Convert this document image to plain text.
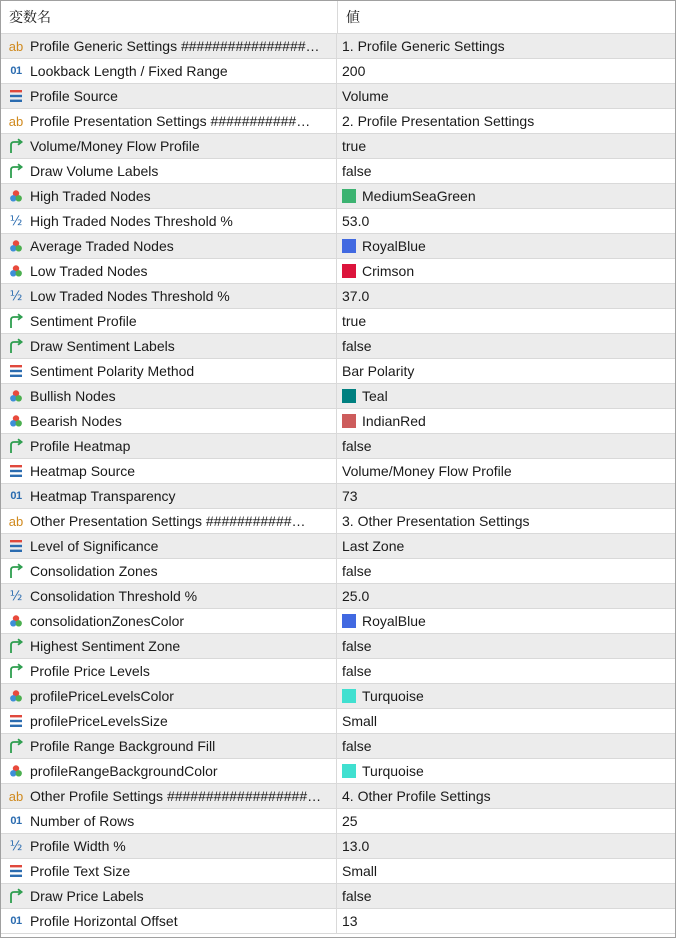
変数名	値
ab Profile Generic Settings ################… 1. Profile Generic Settings
01 Lookback Length / Fixed Range	200
Profile Source	Volume
ab Profile Presentation Settings ###########… 2. Profile Presentation Settings
Volume/Money Flow Profile	true
Draw Volume Labels	false
High Traded Nodes	MediumSeaGreen
½ High Traded Nodes Threshold %	53.0
Average Traded Nodes	RoyalBlue
Low Traded Nodes	Crimson
½ Low Traded Nodes Threshold %	37.0
Sentiment Profile	true
Draw Sentiment Labels	false
Sentiment Polarity Method	Bar Polarity
Bullish Nodes	Teal
Bearish Nodes	IndianRed
Profile Heatmap	false
Heatmap Source	Volume/Money Flow Profile
01 Heatmap Transparency	73
ab Other Presentation Settings ###########…	3. Other Presentation Settings
Level of Significance	Last Zone
Consolidation Zones	false
½ Consolidation Threshold %	25.0
consolidationZonesColor	RoyalBlue
Highest Sentiment Zone	false
Profile Price Levels	false
profilePriceLevelsColor	Turquoise
profilePriceLevelsSize	Small
Profile Range Background Fill	false
profileRangeBackgroundColor	Turquoise
ab Other Profile Settings ##################… 4. Other Profile Settings
01 Number of Rows	25
½ Profile Width %	13.0
Profile Text Size	Small
Draw Price Labels	false
01 Profile Horizontal Offset	13
